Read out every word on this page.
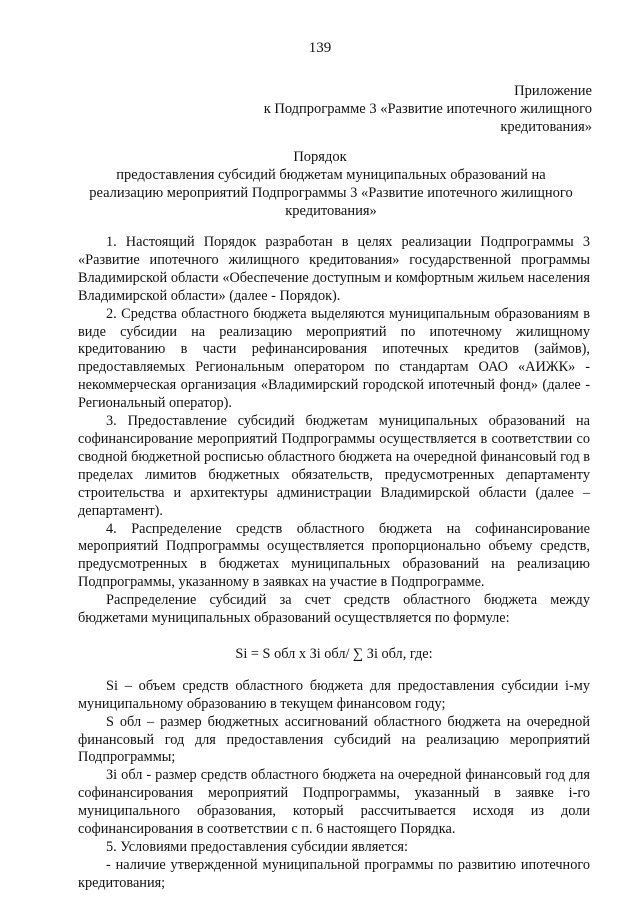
139
Приложение
к Подпрограмме 3 «Развитие ипотечного жилищного кредитования»
Порядок
предоставления субсидий бюджетам муниципальных образований на реализацию мероприятий Подпрограммы 3 «Развитие ипотечного жилищного кредитования»

1. Настоящий Порядок разработан в целях реализации Подпрограммы 3 «Развитие ипотечного жилищного кредитования» государственной программы Владимирской области «Обеспечение доступным и комфортным жильем населения Владимирской области» (далее - Порядок).

2. Средства областного бюджета выделяются муниципальным образованиям в виде субсидии на реализацию мероприятий по ипотечному жилищному кредитованию в части рефинансирования ипотечных кредитов (займов), предоставляемых Региональным оператором по стандартам ОАО «АИЖК» - некоммерческая организация «Владимирский городской ипотечный фонд» (далее - Региональный оператор).

3. Предоставление субсидий бюджетам муниципальных образований на софинансирование мероприятий Подпрограммы осуществляется в соответствии со сводной бюджетной росписью областного бюджета на очередной финансовый год в пределах лимитов бюджетных обязательств, предусмотренных департаменту строительства и архитектуры администрации Владимирской области (далее – департамент).

4. Распределение средств областного бюджета на софинансирование мероприятий Подпрограммы осуществляется пропорционально объему средств, предусмотренных в бюджетах муниципальных образований на реализацию Подпрограммы, указанному в заявках на участие в Подпрограмме.

Распределение субсидий за счет средств областного бюджета между бюджетами муниципальных образований осуществляется по формуле:

Si = S обл х Зi обл/ ∑ Зi обл, где:

Si – объем средств областного бюджета для предоставления субсидии i-му муниципальному образованию в текущем финансовом году;

S обл – размер бюджетных ассигнований областного бюджета на очередной финансовый год для предоставления субсидий на реализацию мероприятий Подпрограммы;

Зi обл - размер средств областного бюджета на очередной финансовый год для софинансирования мероприятий Подпрограммы, указанный в заявке i-го муниципального образования, который рассчитывается исходя из доли софинансирования в соответствии с п. 6 настоящего Порядка.

5. Условиями предоставления субсидии является:

- наличие утвержденной муниципальной программы по развитию ипотечного кредитования;
